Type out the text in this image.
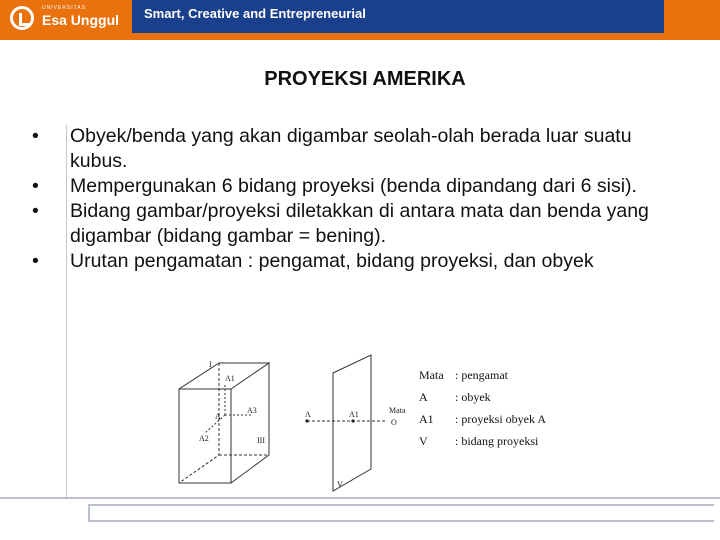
UNIVERSITAS
Esa Unggul Smart, Creative and Entrepreneurial
PROYEKSI AMERIKA
• Obyek/benda yang akan digambar seolah-olah berada luar suatu kubus.
• Mempergunakan 6 bidang proyeksi (benda dipandang dari 6 sisi).
• Bidang gambar/proyeksi diletakkan di antara mata dan benda yang digambar (bidang gambar = bening).
• Urutan pengamatan : pengamat, bidang proyeksi, dan obyek
A1
A
A3
A2	III
I
A	A1	Mata
O
V
Mata : pengamat
A : obyek
A1 : proyeksi obyek A
V : bidang proyeksi
